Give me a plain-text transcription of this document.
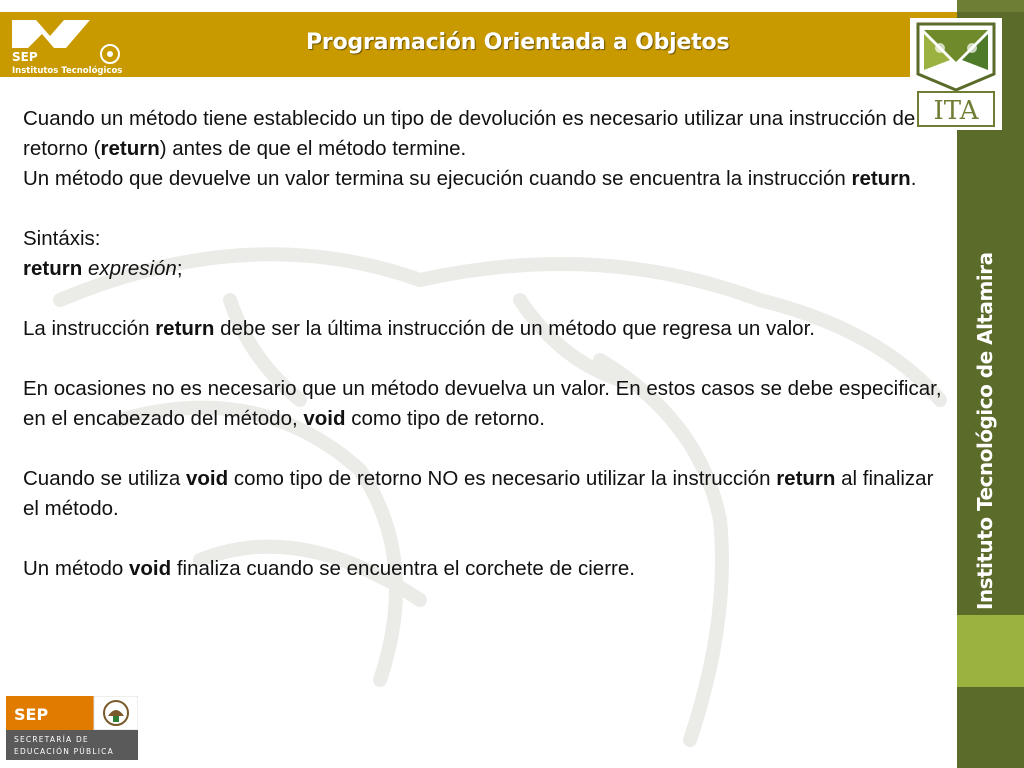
Programación Orientada a Objetos
SEP
Institutos Tecnológicos
Instituto Tecnológico de Altamira
ITA

Cuando un método tiene establecido un tipo de devolución es necesario utilizar una instrucción de retorno (return) antes de que el método termine.

Un método que devuelve un valor termina su ejecución cuando se encuentra la instrucción return.

Sintáxis:

return expresión;

La instrucción return debe ser la última instrucción de un método que regresa un valor.

En ocasiones no es necesario que un método devuelva un valor. En estos casos se debe especificar, en el encabezado del método, void como tipo de retorno.

Cuando se utiliza void como tipo de retorno NO es necesario utilizar la instrucción return al finalizar el método.

Un método void finaliza cuando se encuentra el corchete de cierre.

SEP
SECRETARÍA DE
EDUCACIÓN PÚBLICA
